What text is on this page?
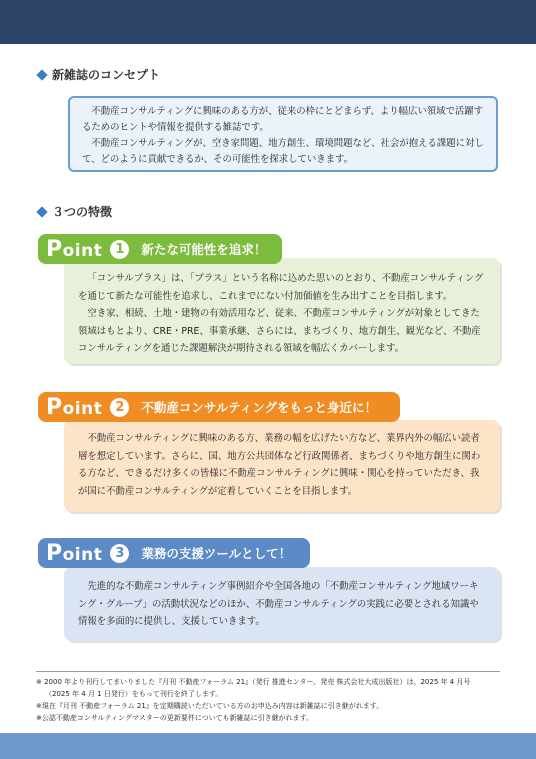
新雑誌のコンセプト

不動産コンサルティングに興味のある方が、従来の枠にとどまらず、より幅広い領域で活躍するためのヒントや情報を提供する雑誌です。

不動産コンサルティングが、空き家問題、地方創生、環境問題など、社会が抱える課題に対して、どのように貢献できるか、その可能性を探求していきます。

３つの特徴

「コンサルプラス」は、「プラス」という名称に込めた思いのとおり、不動産コンサルティングを通じて新たな可能性を追求し、これまでにない付加価値を生み出すことを目指します。

空き家、相続、土地・建物の有効活用など、従来、不動産コンサルティングが対象としてきた領域はもとより、CRE・PRE、事業承継、さらには、まちづくり、地方創生、観光など、不動産コンサルティングを通じた課題解決が期待される領域を幅広くカバーします。

Point 1	新たな可能性を追求！

不動産コンサルティングに興味のある方、業務の幅を広げたい方など、業界内外の幅広い読者層を想定しています。さらに、国、地方公共団体など行政関係者、まちづくりや地方創生に関わる方など、できるだけ多くの皆様に不動産コンサルティングに興味・関心を持っていただき、我が国に不動産コンサルティングが定着していくことを目指します。

Point 2	不動産コンサルティングをもっと身近に！

先進的な不動産コンサルティング事例紹介や全国各地の「不動産コンサルティング地域ワーキング・グループ」の活動状況などのほか、不動産コンサルティングの実践に必要とされる知識や情報を多面的に提供し、支援していきます。

Point 3	業務の支援ツールとして！
※ 2000 年より刊行してまいりました『月刊 不動産フォーラム 21』（発行 推進センター、発売 株式会社大成出版社）は、2025 年 4 月号
（2025 年 4 月 1 日発行）をもって刊行を終了します。
※現在『月刊 不動産フォーラム 21』を定期購読いただいている方のお申込み内容は新雑誌に引き継がれます。
※公認不動産コンサルティングマスターの更新要件についても新雑誌に引き継がれます。
